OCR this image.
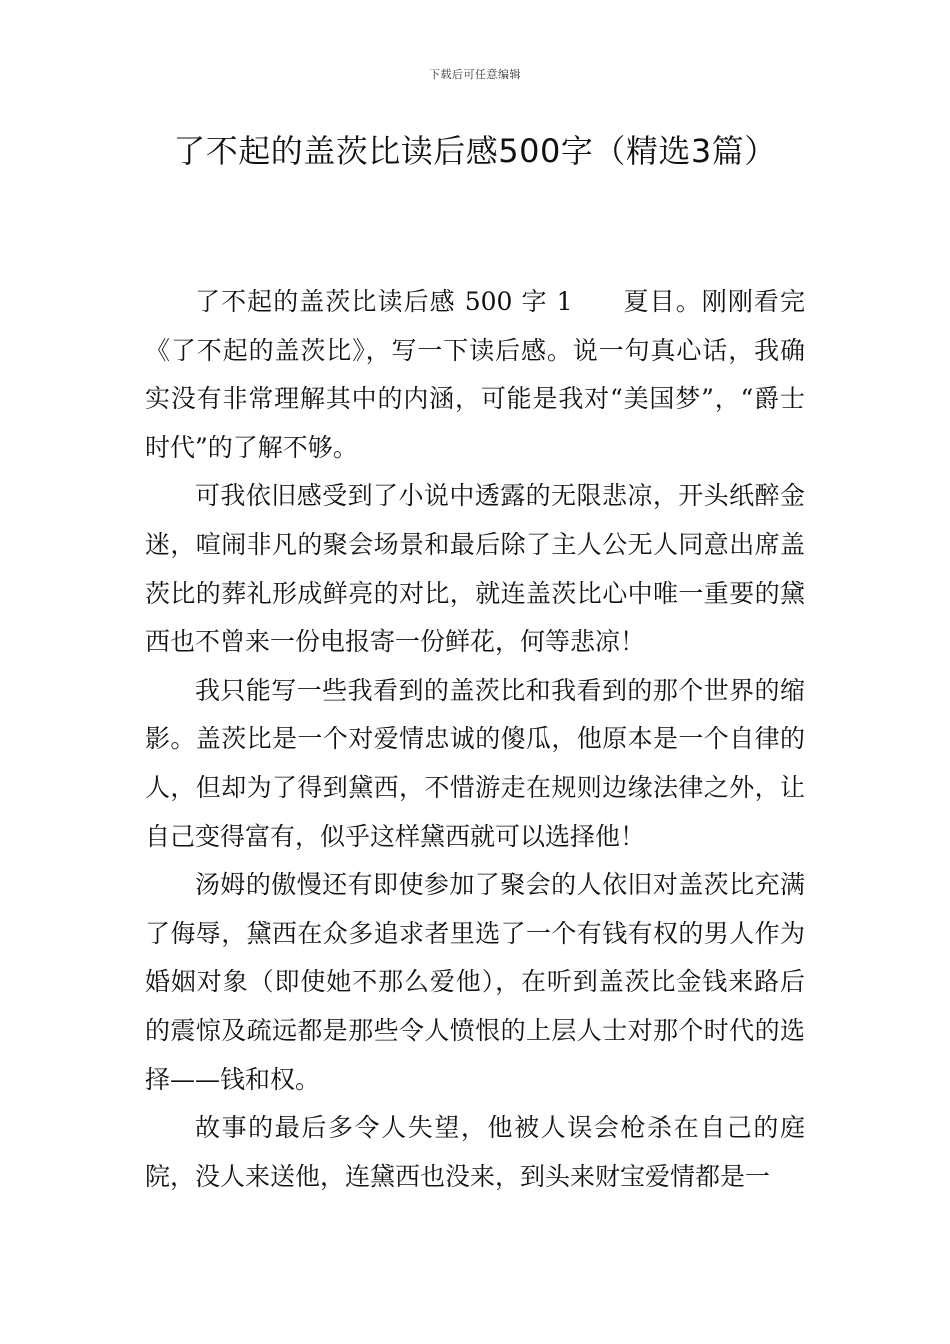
下载后可任意编辑
了不起的盖茨比读后感500字（精选3篇）

了不起的盖茨比读后感 500 字 1 夏目。刚刚看完《了不起的盖茨比》，写一下读后感。说一句真心话，我确实没有非常理解其中的内涵，可能是我对“美国梦”，“爵士时代”的了解不够。

可我依旧感受到了小说中透露的无限悲凉，开头纸醉金迷，喧闹非凡的聚会场景和最后除了主人公无人同意出席盖茨比的葬礼形成鲜亮的对比，就连盖茨比心中唯一重要的黛西也不曾来一份电报寄一份鲜花，何等悲凉！

我只能写一些我看到的盖茨比和我看到的那个世界的缩影。盖茨比是一个对爱情忠诚的傻瓜，他原本是一个自律的人，但却为了得到黛西，不惜游走在规则边缘法律之外，让自己变得富有，似乎这样黛西就可以选择他！

汤姆的傲慢还有即使参加了聚会的人依旧对盖茨比充满了侮辱，黛西在众多追求者里选了一个有钱有权的男人作为婚姻对象（即使她不那么爱他），在听到盖茨比金钱来路后的震惊及疏远都是那些令人愤恨的上层人士对那个时代的选择——钱和权。

故事的最后多令人失望，他被人误会枪杀在自己的庭院，没人来送他，连黛西也没来，到头来财宝爱情都是一
